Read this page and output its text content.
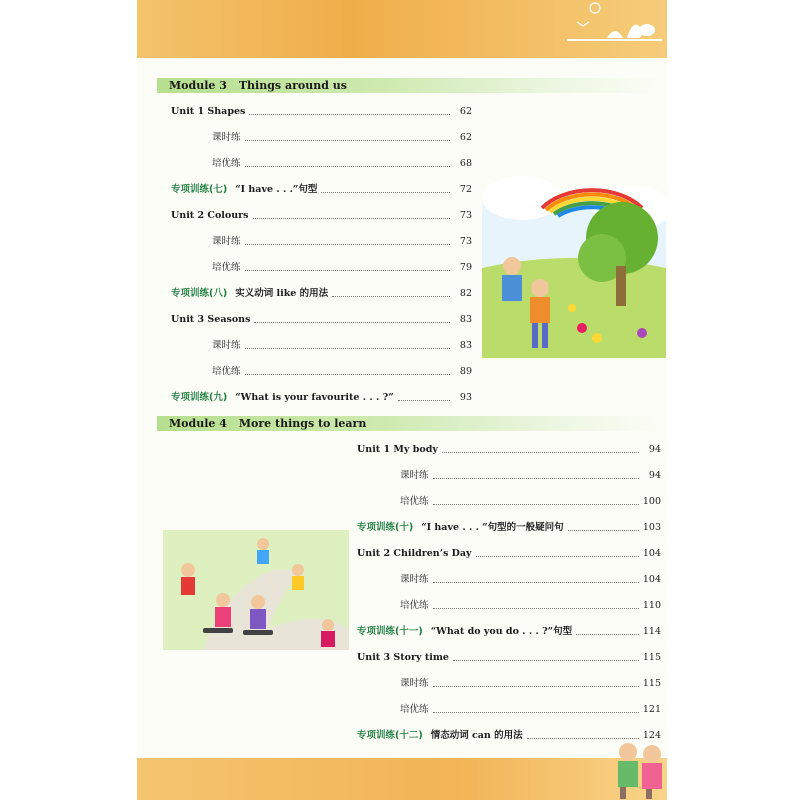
Module 3 Things around us
Unit 1 Shapes	62
课时练	62
培优练	68
专项训练(七) “I have . . .”句型	72
Unit 2 Colours	73
课时练	73
培优练	79
专项训练(八) 实义动词 like 的用法	82
Unit 3 Seasons	83
课时练	83
培优练	89
专项训练(九) “What is your favourite . . . ?”	93
Module 4 More things to learn
Unit 1 My body	94
课时练	94
培优练	100
专项训练(十) “I have . . . ”句型的一般疑问句	103
Unit 2 Children’s Day	104
课时练	104
培优练	110
专项训练(十一) “What do you do . . . ?”句型	114
Unit 3 Story time	115
课时练	115
培优练	121
专项训练(十二) 情态动词 can 的用法	124
